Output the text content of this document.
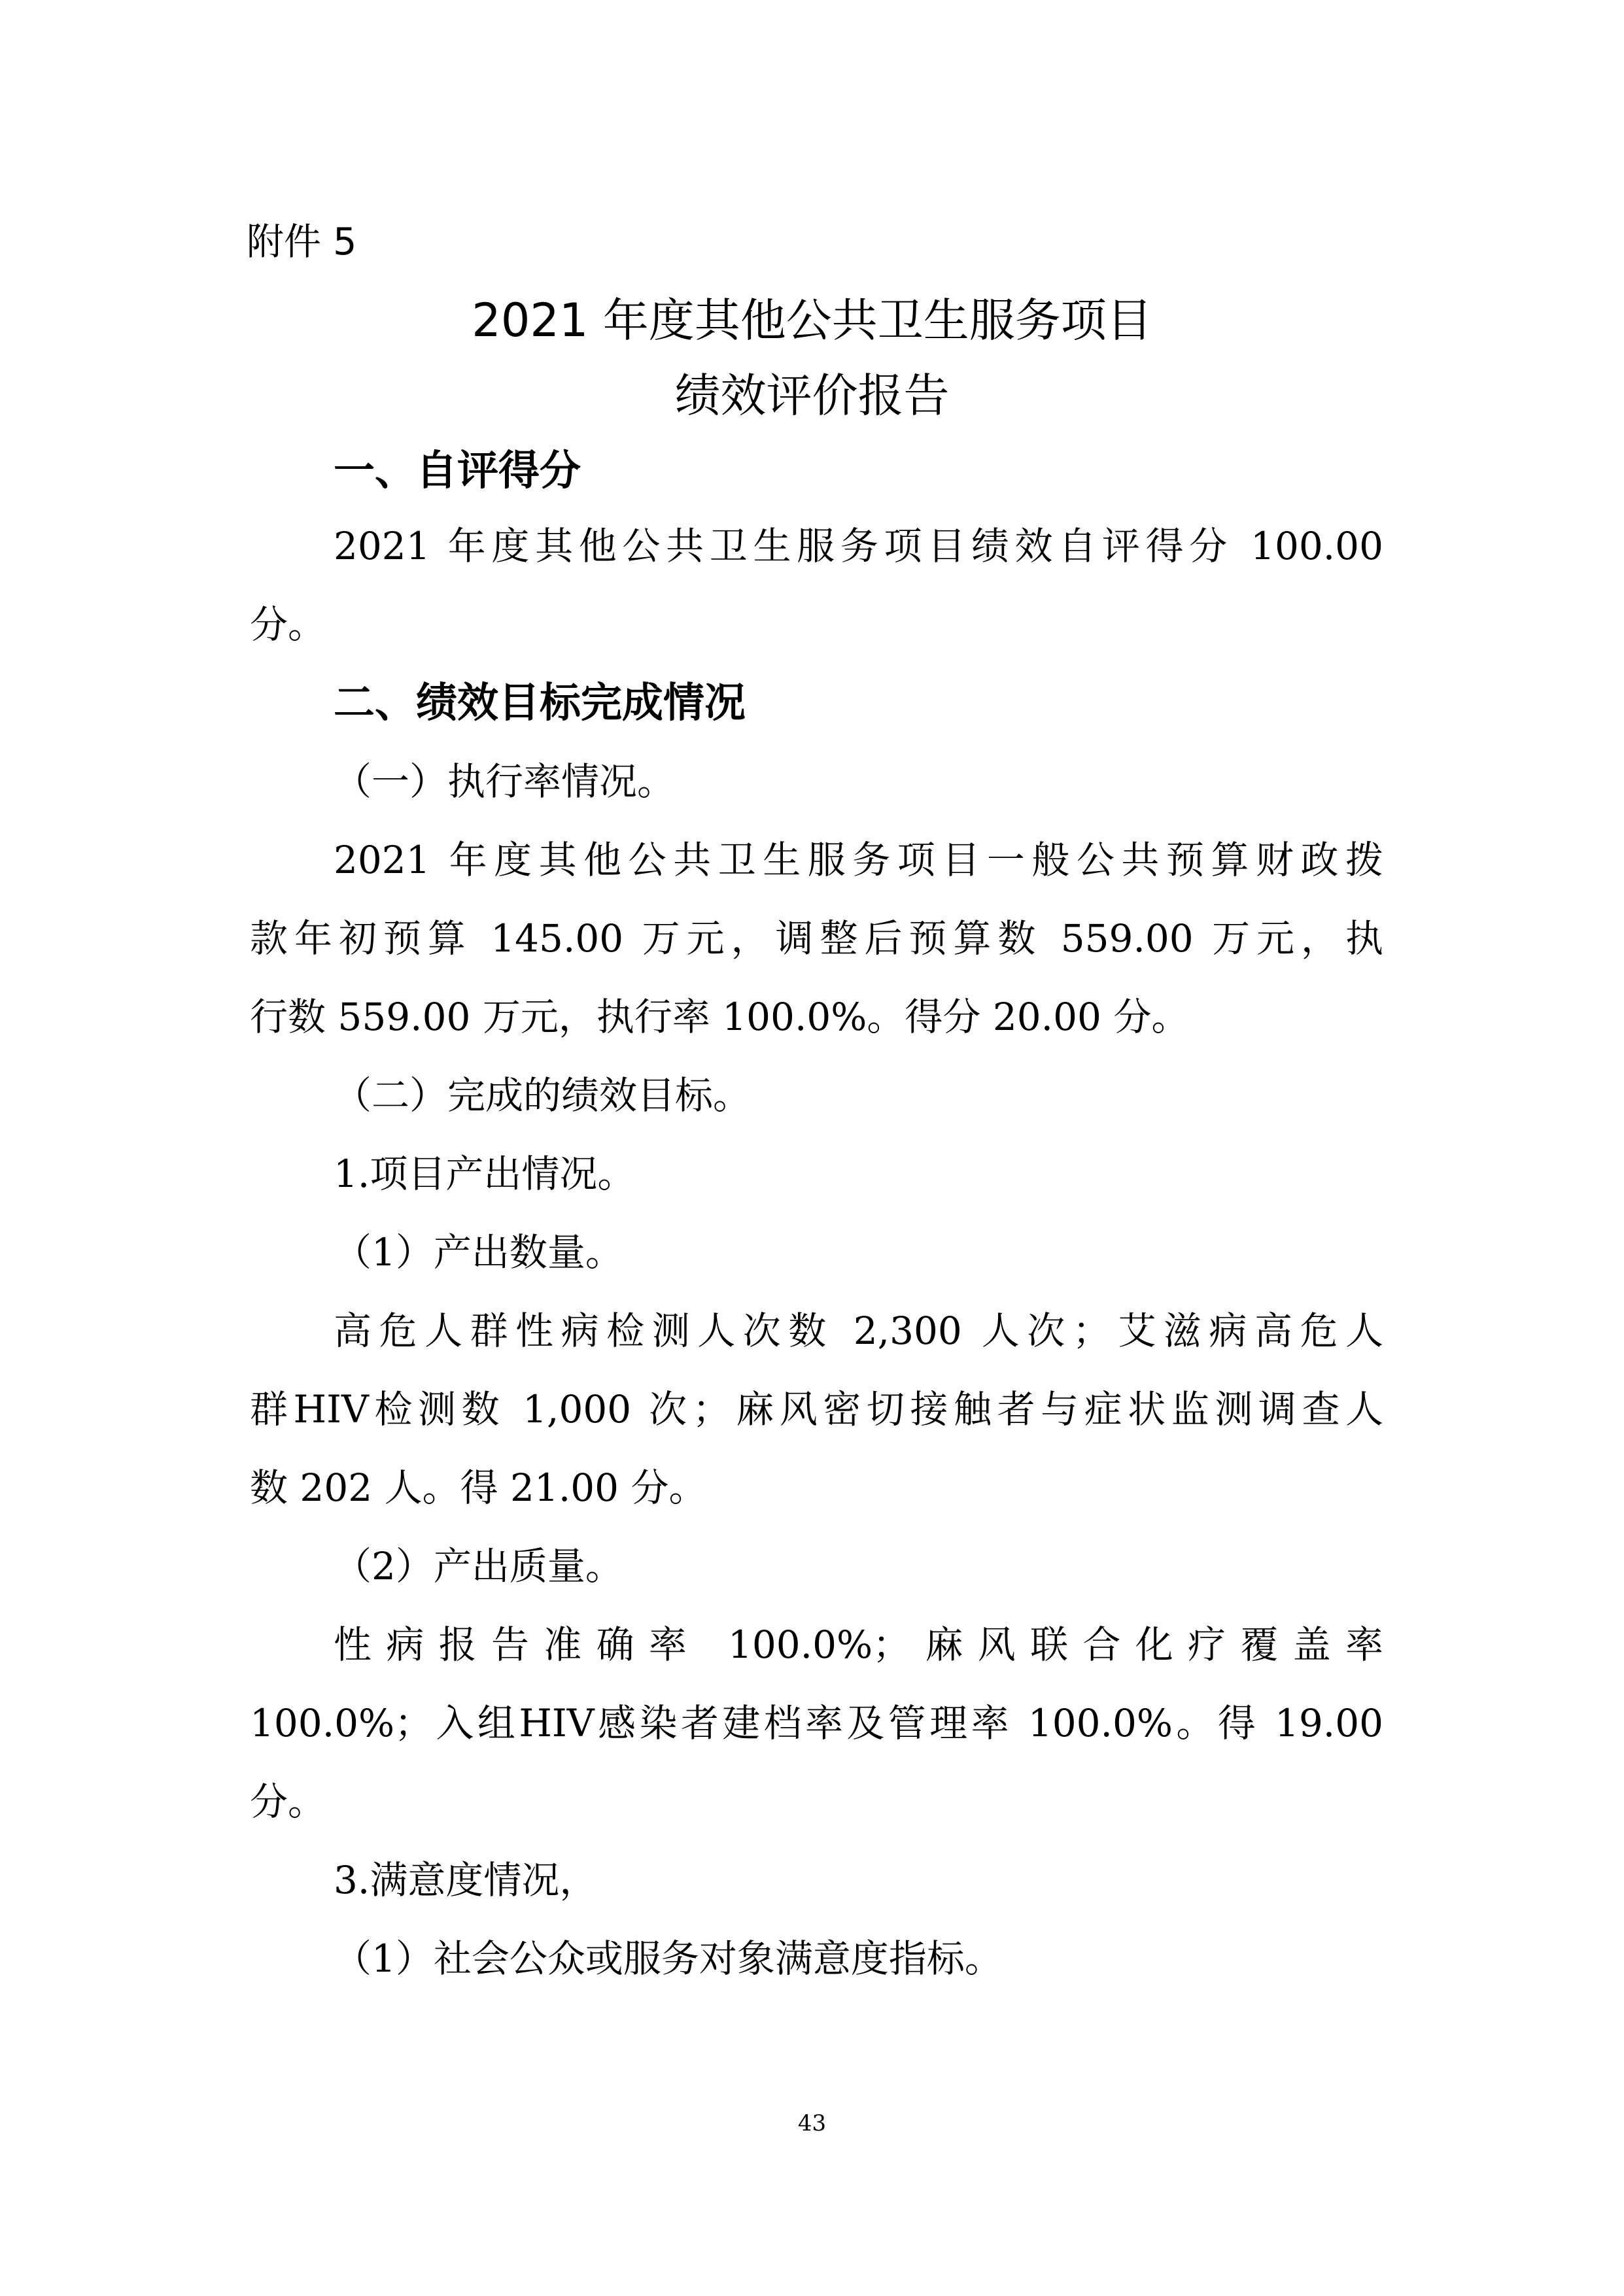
附件 5
2021 年度其他公共卫生服务项目
绩效评价报告
一、自评得分
2021 年度其他公共卫生服务项目绩效自评得分 100.00
分。
二、绩效目标完成情况
（一）执行率情况。
2021 年度其他公共卫生服务项目一般公共预算财政拨
款年初预算 145.00 万元，调整后预算数 559.00 万元，执
行数 559.00 万元，执行率 100.0%。得分 20.00 分。
（二）完成的绩效目标。
1.项目产出情况。
（1）产出数量。
高危人群性病检测人次数 2,300 人次；艾滋病高危人
群HIV检测数 1,000 次；麻风密切接触者与症状监测调查人
数 202 人。得 21.00 分。
（2）产出质量。
性病报告准确率 100.0%；麻风联合化疗覆盖率
100.0%；入组HIV感染者建档率及管理率 100.0%。得 19.00
分。
3.满意度情况，
（1）社会公众或服务对象满意度指标。
43
